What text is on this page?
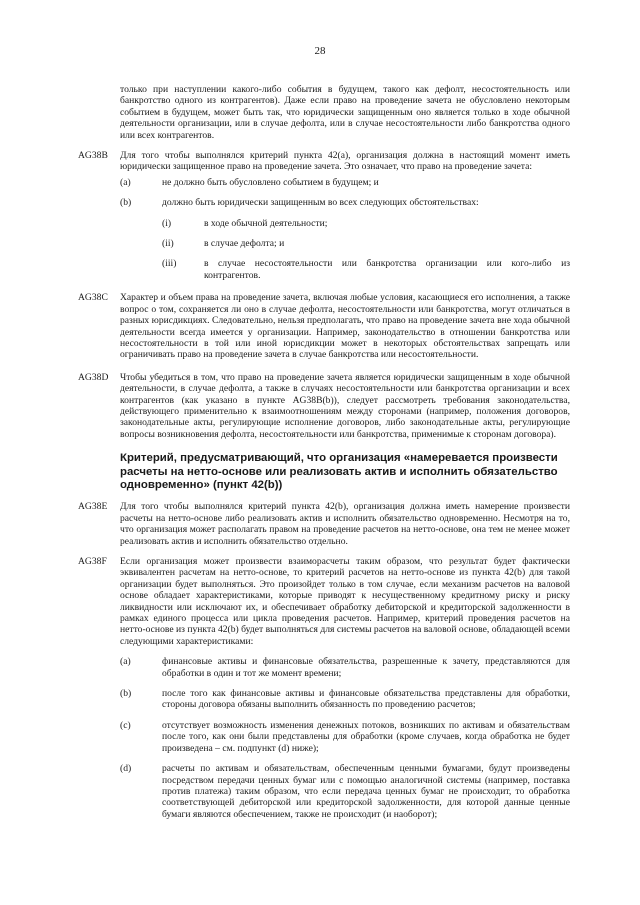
28
только при наступлении какого-либо события в будущем, такого как дефолт, несостоятельность или банкротство одного из контрагентов). Даже если право на проведение зачета не обусловлено некоторым событием в будущем, может быть так, что юридически защищенным оно является только в ходе обычной деятельности организации, или в случае дефолта, или в случае несостоятельности либо банкротства одного или всех контрагентов.
AG38B Для того чтобы выполнялся критерий пункта 42(a), организация должна в настоящий момент иметь юридически защищенное право на проведение зачета. Это означает, что право на проведение зачета:
(a)	не должно быть обусловлено событием в будущем; и
(b)	должно быть юридически защищенным во всех следующих обстоятельствах:
(i)	в ходе обычной деятельности;
(ii)	в случае дефолта; и
(iii)	в случае несостоятельности или банкротства организации или кого-либо из контрагентов.
AG38C Характер и объем права на проведение зачета, включая любые условия, касающиеся его исполнения, а также вопрос о том, сохраняется ли оно в случае дефолта, несостоятельности или банкротства, могут отличаться в разных юрисдикциях. Следовательно, нельзя предполагать, что право на проведение зачета вне хода обычной деятельности всегда имеется у организации. Например, законодательство в отношении банкротства или несостоятельности в той или иной юрисдикции может в некоторых обстоятельствах запрещать или ограничивать право на проведение зачета в случае банкротства или несостоятельности.
AG38D Чтобы убедиться в том, что право на проведение зачета является юридически защищенным в ходе обычной деятельности, в случае дефолта, а также в случаях несостоятельности или банкротства организации и всех контрагентов (как указано в пункте AG38B(b)), следует рассмотреть требования законодательства, действующего применительно к взаимоотношениям между сторонами (например, положения договоров, законодательные акты, регулирующие исполнение договоров, либо законодательные акты, регулирующие вопросы возникновения дефолта, несостоятельности или банкротства, применимые к сторонам договора).
Критерий, предусматривающий, что организация «намеревается произвести расчеты на нетто-основе или реализовать актив и исполнить обязательство одновременно» (пункт 42(b))
AG38E Для того чтобы выполнялся критерий пункта 42(b), организация должна иметь намерение произвести расчеты на нетто-основе либо реализовать актив и исполнить обязательство одновременно. Несмотря на то, что организация может располагать правом на проведение расчетов на нетто-основе, она тем не менее может реализовать актив и исполнить обязательство отдельно.
AG38F Если организация может произвести взаиморасчеты таким образом, что результат будет фактически эквивалентен расчетам на нетто-основе, то критерий расчетов на нетто-основе из пункта 42(b) для такой организации будет выполняться. Это произойдет только в том случае, если механизм расчетов на валовой основе обладает характеристиками, которые приводят к несущественному кредитному риску и риску ликвидности или исключают их, и обеспечивает обработку дебиторской и кредиторской задолженности в рамках единого процесса или цикла проведения расчетов. Например, критерий проведения расчетов на нетто-основе из пункта 42(b) будет выполняться для системы расчетов на валовой основе, обладающей всеми следующими характеристиками:
(a)	финансовые активы и финансовые обязательства, разрешенные к зачету, представляются для обработки в один и тот же момент времени;
(b)	после того как финансовые активы и финансовые обязательства представлены для обработки, стороны договора обязаны выполнить обязанность по проведению расчетов;
(c)	отсутствует возможность изменения денежных потоков, возникших по активам и обязательствам после того, как они были представлены для обработки (кроме случаев, когда обработка не будет произведена – см. подпункт (d) ниже);
(d)	расчеты по активам и обязательствам, обеспеченным ценными бумагами, будут произведены посредством передачи ценных бумаг или с помощью аналогичной системы (например, поставка против платежа) таким образом, что если передача ценных бумаг не происходит, то обработка соответствующей дебиторской или кредиторской задолженности, для которой данные ценные бумаги являются обеспечением, также не происходит (и наоборот);
